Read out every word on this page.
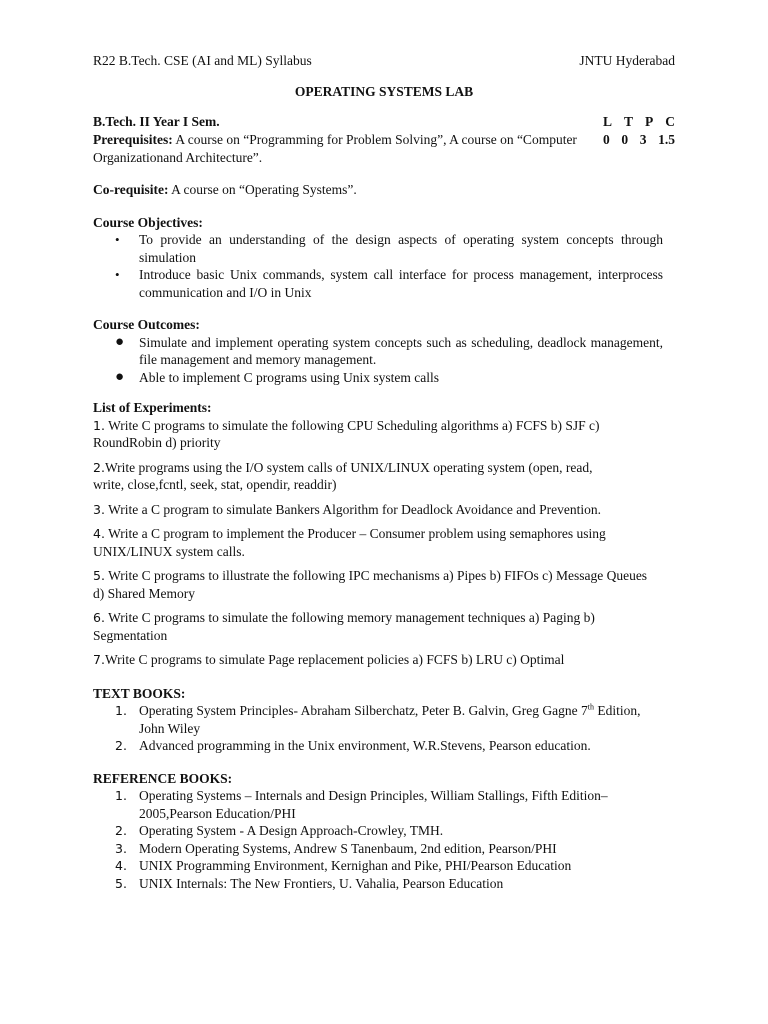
R22 B.Tech. CSE (AI and ML) Syllabus	JNTU Hyderabad
OPERATING SYSTEMS LAB
B.Tech. II Year I Sem.	L T P C
0 0 3 1.5

Prerequisites: A course on “Programming for Problem Solving”, A course on “Computer
Organizationand Architecture”.

Co-requisite: A course on “Operating Systems”.

Course Objectives:

• To provide an understanding of the design aspects of operating system concepts through simulation
• Introduce basic Unix commands, system call interface for process management, interprocess communication and I/O in Unix

Course Outcomes:

● Simulate and implement operating system concepts such as scheduling, deadlock management, file management and memory management.
● Able to implement C programs using Unix system calls

List of Experiments:

1. Write C programs to simulate the following CPU Scheduling algorithms a) FCFS b) SJF c)
RoundRobin d) priority

2.Write programs using the I/O system calls of UNIX/LINUX operating system (open, read,
write, close,fcntl, seek, stat, opendir, readdir)

3. Write a C program to simulate Bankers Algorithm for Deadlock Avoidance and Prevention.

4. Write a C program to implement the Producer – Consumer problem using semaphores using
UNIX/LINUX system calls.

5. Write C programs to illustrate the following IPC mechanisms a) Pipes b) FIFOs c) Message Queues
d) Shared Memory

6. Write C programs to simulate the following memory management techniques a) Paging b)
Segmentation

7.Write C programs to simulate Page replacement policies a) FCFS b) LRU c) Optimal

TEXT BOOKS:

1. Operating System Principles- Abraham Silberchatz, Peter B. Galvin, Greg Gagne 7th Edition,
John Wiley
2. Advanced programming in the Unix environment, W.R.Stevens, Pearson education.

REFERENCE BOOKS:

1. Operating Systems – Internals and Design Principles, William Stallings, Fifth Edition–
2005,Pearson Education/PHI
2. Operating System - A Design Approach-Crowley, TMH.
3. Modern Operating Systems, Andrew S Tanenbaum, 2nd edition, Pearson/PHI
4. UNIX Programming Environment, Kernighan and Pike, PHI/Pearson Education
5. UNIX Internals: The New Frontiers, U. Vahalia, Pearson Education
